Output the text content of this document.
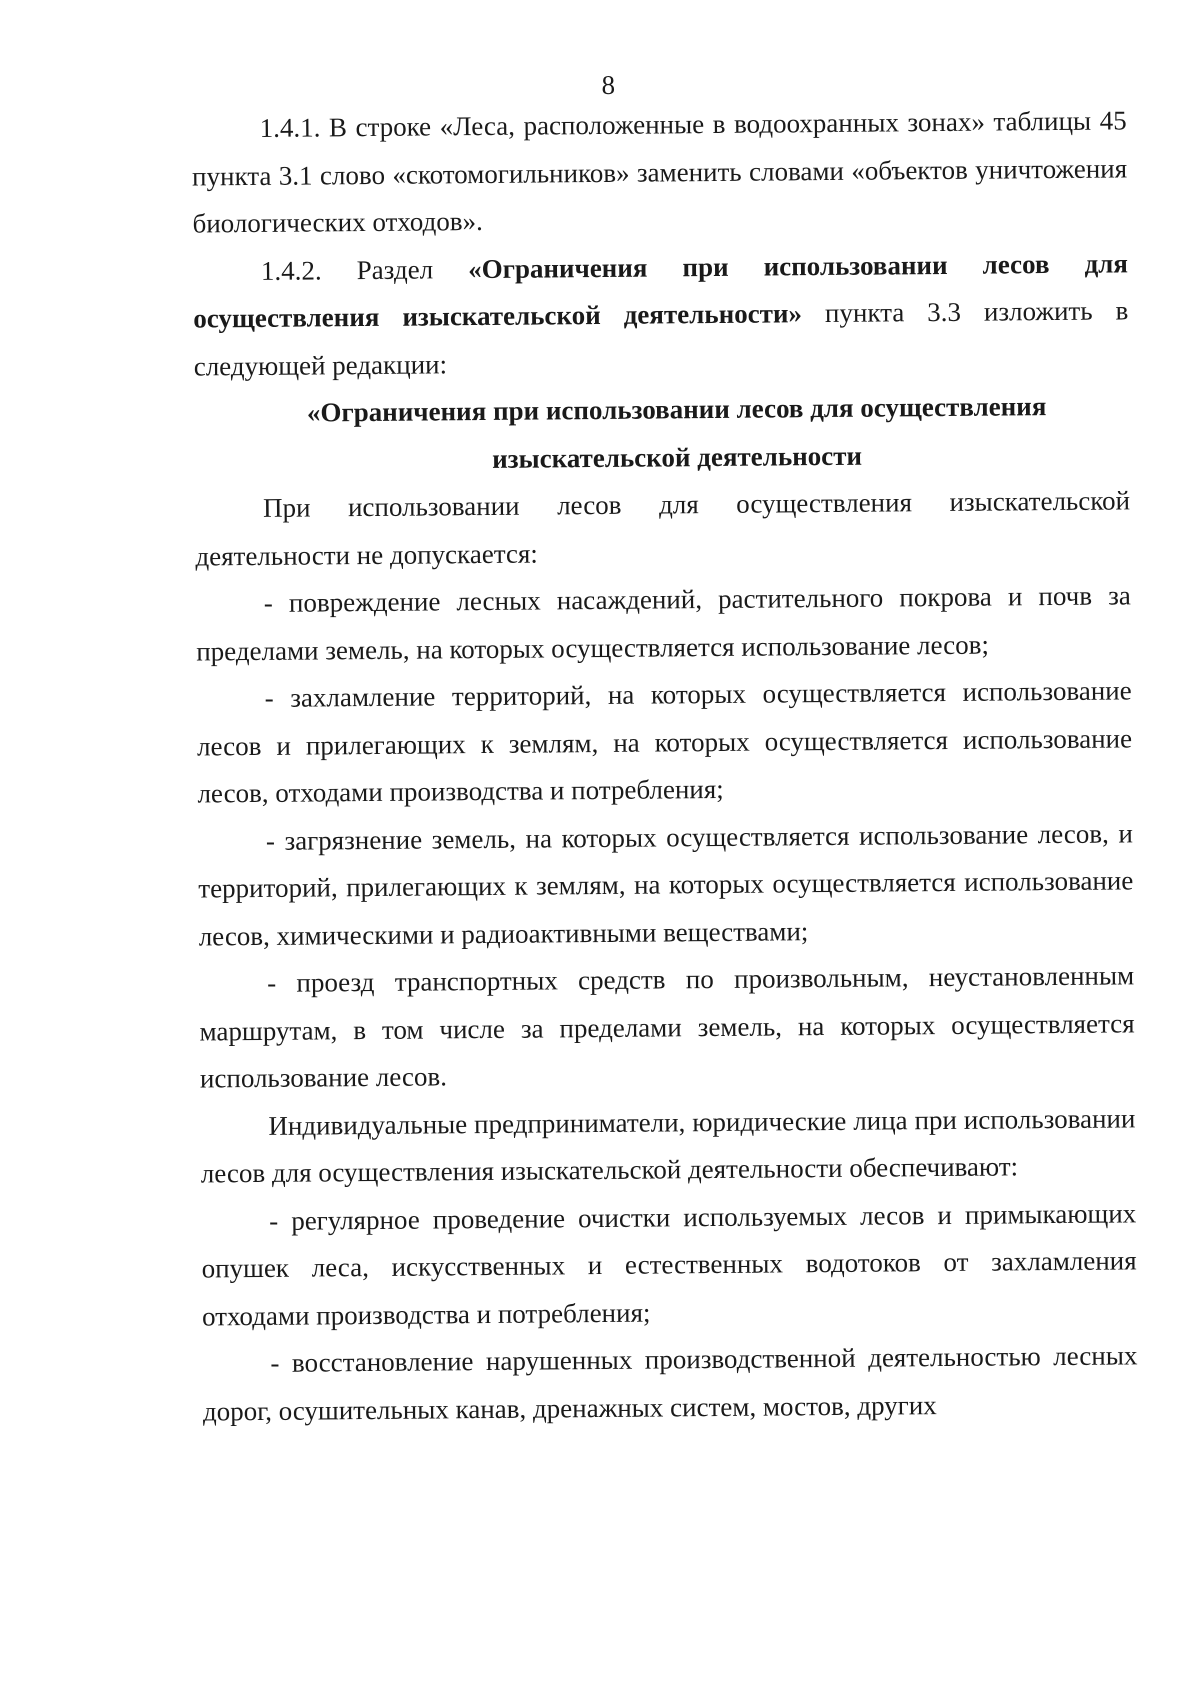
8

1.4.1. В строке «Леса, расположенные в водоохранных зонах» таблицы 45 пункта 3.1 слово «скотомогильников» заменить словами «объектов уничтожения биологических отходов».

1.4.2. Раздел «Ограничения при использовании лесов для осуществления изыскательской деятельности» пункта 3.3 изложить в следующей редакции:

«Ограничения при использовании лесов для осуществления
изыскательской деятельности

При использовании лесов для осуществления изыскательской деятельности не допускается:

- повреждение лесных насаждений, растительного покрова и почв за пределами земель, на которых осуществляется использование лесов;

- захламление территорий, на которых осуществляется использование лесов и прилегающих к землям, на которых осуществляется использование лесов, отходами производства и потребления;

- загрязнение земель, на которых осуществляется использование лесов, и территорий, прилегающих к землям, на которых осуществляется использование лесов, химическими и радиоактивными веществами;

- проезд транспортных средств по произвольным, неустановленным маршрутам, в том числе за пределами земель, на которых осуществляется использование лесов.

Индивидуальные предприниматели, юридические лица при использовании лесов для осуществления изыскательской деятельности обеспечивают:

- регулярное проведение очистки используемых лесов и примыкающих опушек леса, искусственных и естественных водотоков от захламления отходами производства и потребления;

- восстановление нарушенных производственной деятельностью лесных дорог, осушительных канав, дренажных систем, мостов, других
